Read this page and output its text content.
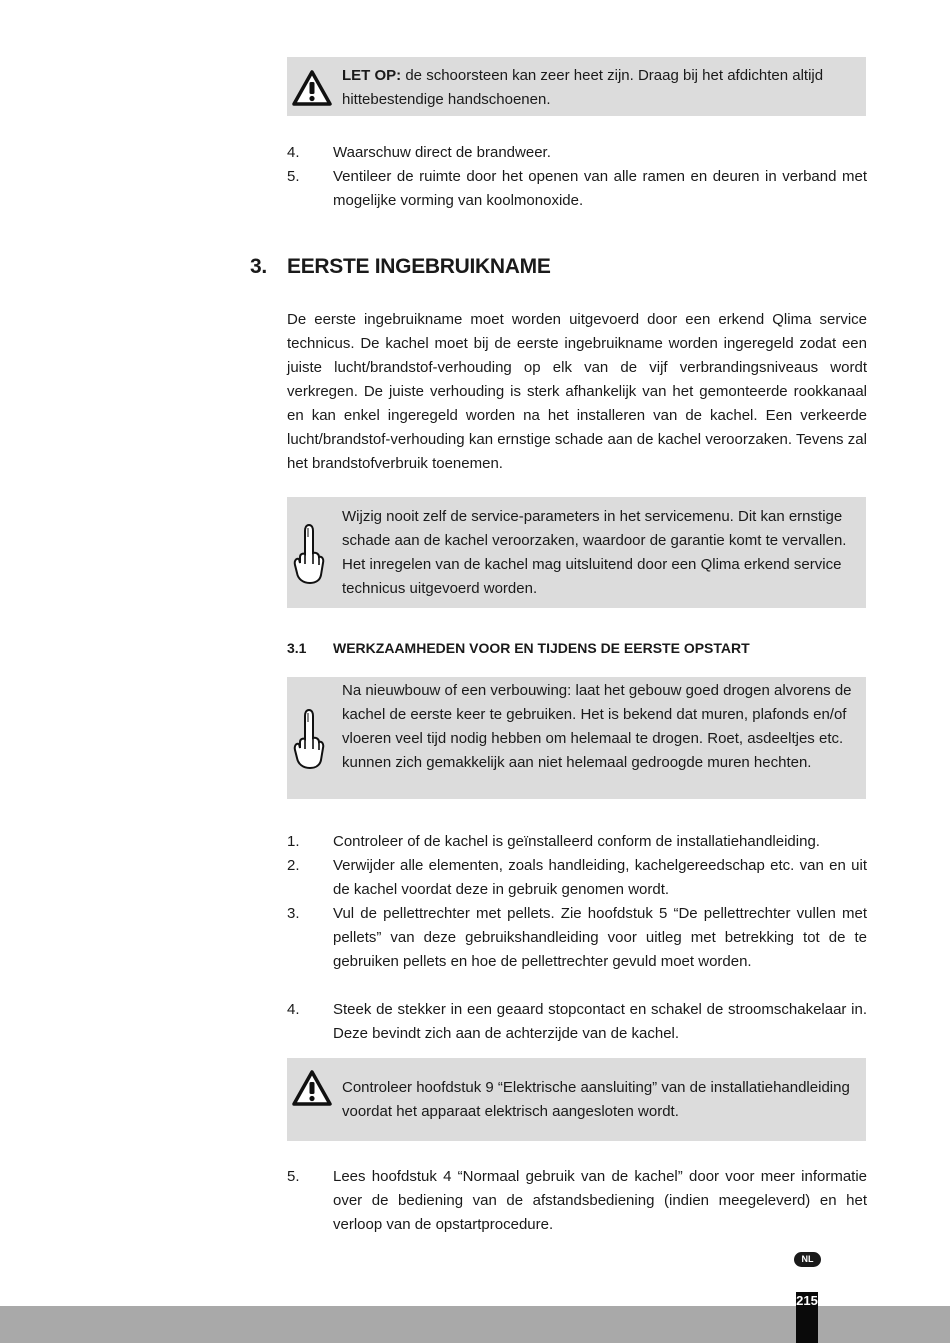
LET OP: de schoorsteen kan zeer heet zijn. Draag bij het afdichten altijd hittebestendige handschoenen.
4.	Waarschuw direct de brandweer.
5.	Ventileer de ruimte door het openen van alle ramen en deuren in verband met mogelijke vorming van koolmonoxide.
3. EERSTE INGEBRUIKNAME
De eerste ingebruikname moet worden uitgevoerd door een erkend Qlima service technicus. De kachel moet bij de eerste ingebruikname worden ingeregeld zodat een juiste lucht/brandstof-verhouding op elk van de vijf verbrandingsniveaus wordt verkregen. De juiste verhouding is sterk afhankelijk van het gemonteerde rookkanaal en kan enkel ingeregeld worden na het installeren van de kachel. Een verkeerde lucht/brandstof-verhouding kan ernstige schade aan de kachel veroorzaken. Tevens zal het brandstofverbruik toenemen.
Wijzig nooit zelf de service-parameters in het servicemenu. Dit kan ernstige schade aan de kachel veroorzaken, waardoor de garantie komt te vervallen. Het inregelen van de kachel mag uitsluitend door een Qlima erkend service technicus uitgevoerd worden.
3.1	WERKZAAMHEDEN VOOR EN TIJDENS DE EERSTE OPSTART
Na nieuwbouw of een verbouwing: laat het gebouw goed drogen alvorens de kachel de eerste keer te gebruiken. Het is bekend dat muren, plafonds en/of vloeren veel tijd nodig hebben om helemaal te drogen. Roet, asdeeltjes etc. kunnen zich gemakkelijk aan niet helemaal gedroogde muren hechten.
1.	Controleer of de kachel is geïnstalleerd conform de installatiehandleiding.
2.	Verwijder alle elementen, zoals handleiding, kachelgereedschap etc. van en uit de kachel voordat deze in gebruik genomen wordt.
3.	Vul de pellettrechter met pellets. Zie hoofdstuk 5 “De pellettrechter vullen met pellets” van deze gebruikshandleiding voor uitleg met betrekking tot de te gebruiken pellets en hoe de pellettrechter gevuld moet worden.
4.	Steek de stekker in een geaard stopcontact en schakel de stroomschakelaar in. Deze bevindt zich aan de achterzijde van de kachel.
Controleer hoofdstuk 9 “Elektrische aansluiting” van de installatiehandleiding voordat het apparaat elektrisch aangesloten wordt.
5.	Lees hoofdstuk 4 “Normaal gebruik van de kachel” door voor meer informatie over de bediening van de afstandsbediening (indien meegeleverd) en het verloop van de opstartprocedure.
NL
215
